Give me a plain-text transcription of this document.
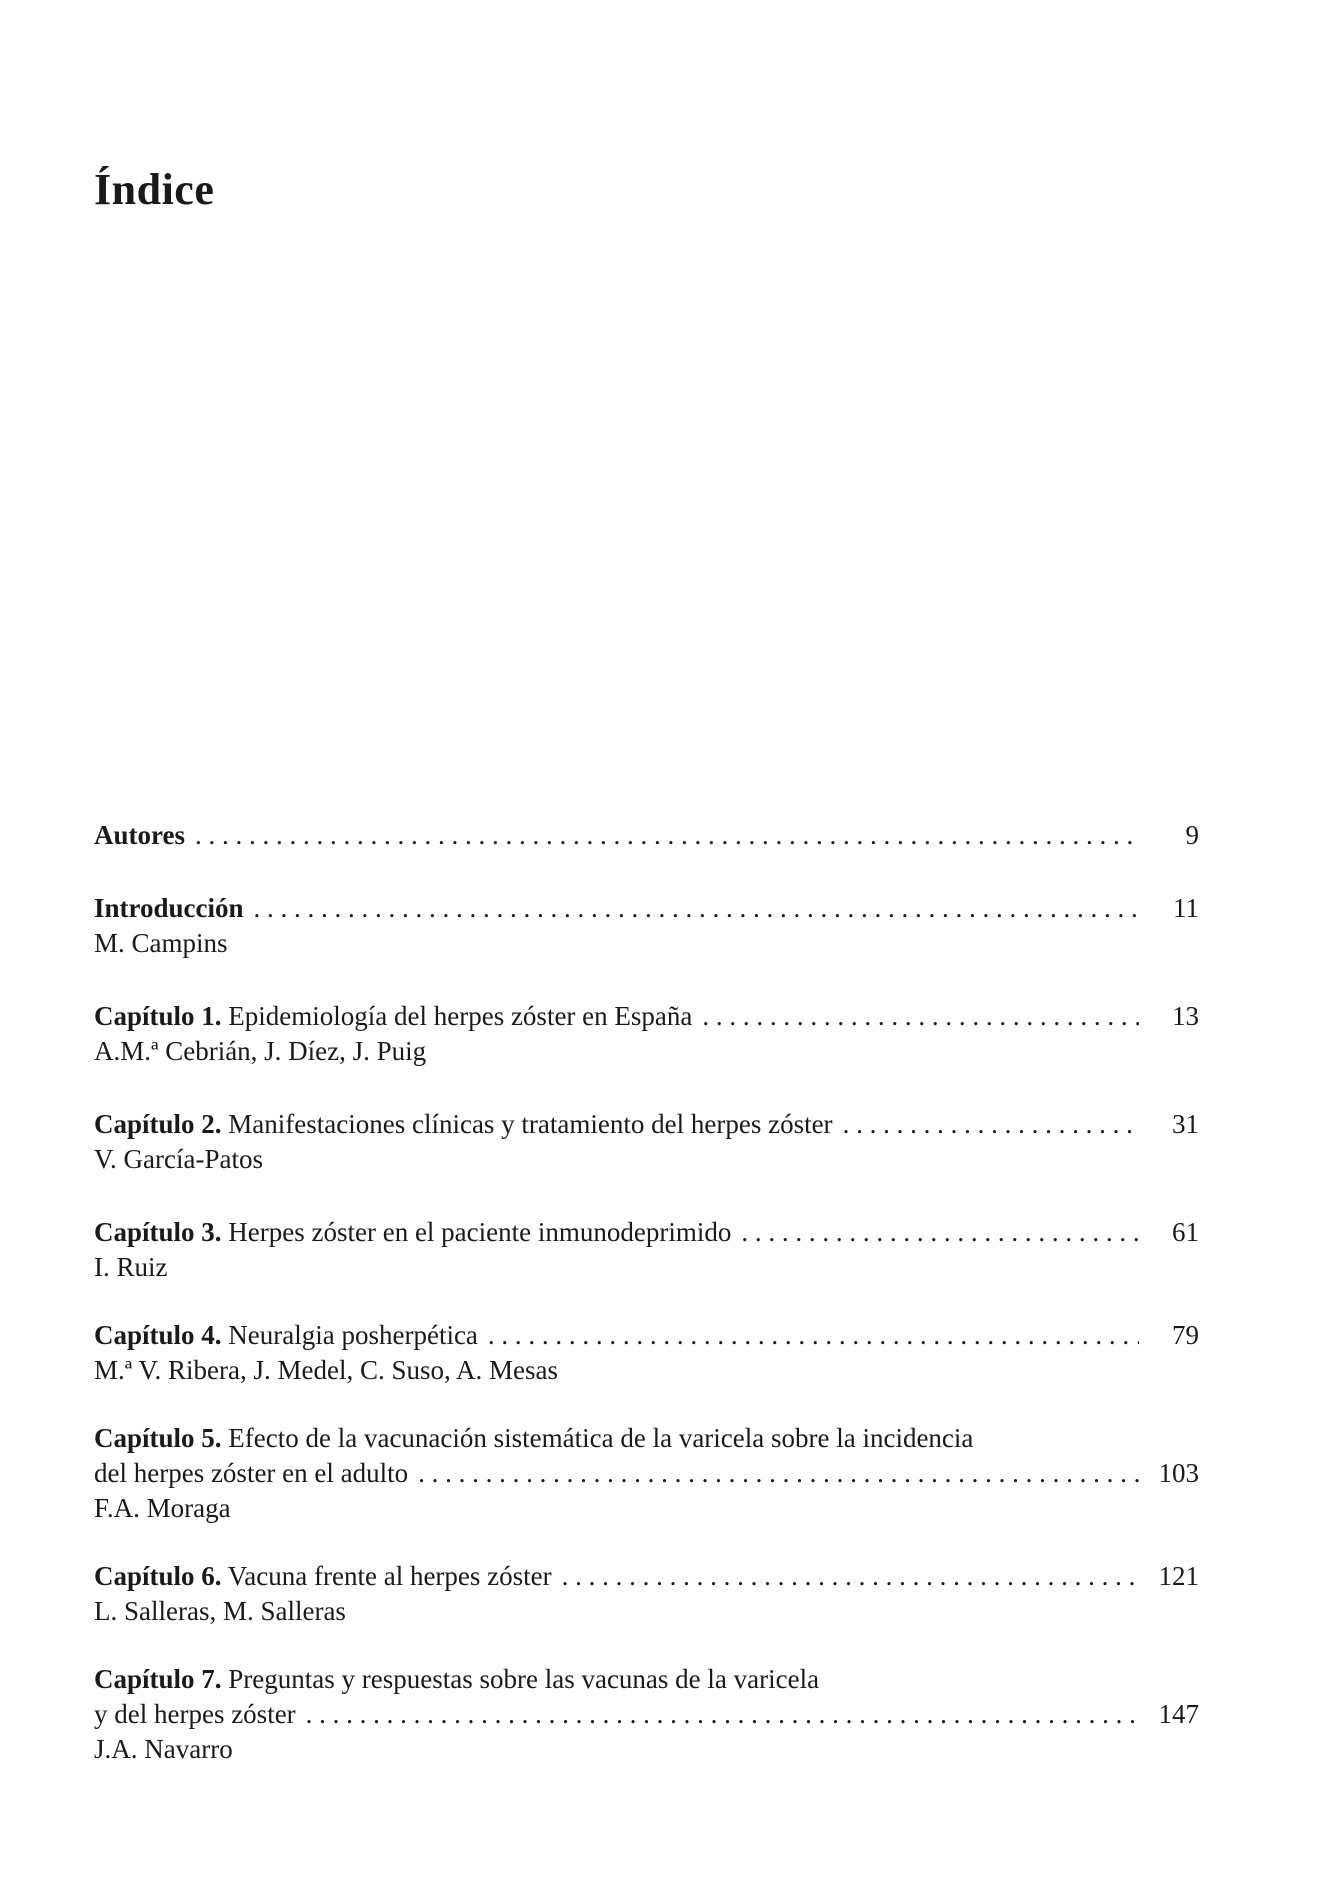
Índice
Autores . . .	9
Introducción . . .	11
M. Campins
Capítulo 1. Epidemiología del herpes zóster en España . . .	13
A.M.ª Cebrián, J. Díez, J. Puig
Capítulo 2. Manifestaciones clínicas y tratamiento del herpes zóster . . .	31
V. García-Patos
Capítulo 3. Herpes zóster en el paciente inmunodeprimido . . .	61
I. Ruiz
Capítulo 4. Neuralgia posherpética . . .	79
M.ª V. Ribera, J. Medel, C. Suso, A. Mesas
Capítulo 5. Efecto de la vacunación sistemática de la varicela sobre la incidencia
del herpes zóster en el adulto . . .	103
F.A. Moraga
Capítulo 6. Vacuna frente al herpes zóster . . .	121
L. Salleras, M. Salleras
Capítulo 7. Preguntas y respuestas sobre las vacunas de la varicela
y del herpes zóster . . .	147
J.A. Navarro
